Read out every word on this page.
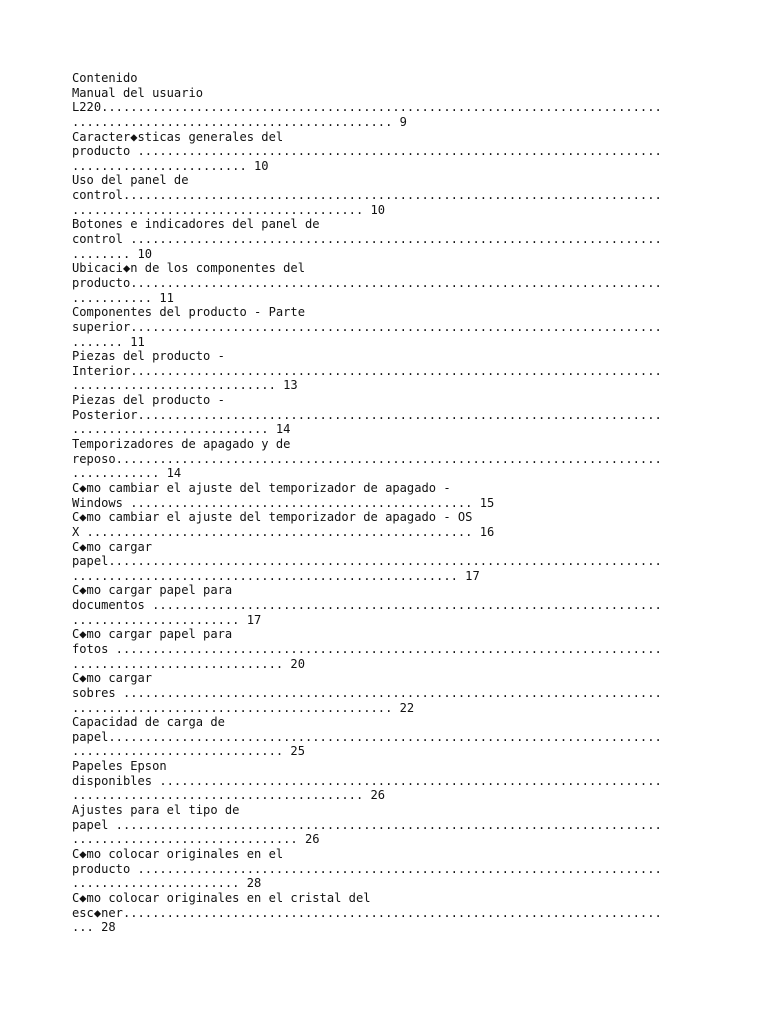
Contenido
Manual del usuario
L220.............................................................................
............................................ 9
Caracter◆sticas generales del
producto ........................................................................
........................ 10
Uso del panel de
control..........................................................................
........................................ 10
Botones e indicadores del panel de
control .........................................................................
........ 10
Ubicaci◆n de los componentes del
producto.........................................................................
........... 11
Componentes del producto - Parte
superior.........................................................................
....... 11
Piezas del producto -
Interior.........................................................................
............................ 13
Piezas del producto -
Posterior........................................................................
........................... 14
Temporizadores de apagado y de
reposo...........................................................................
............ 14
C◆mo cambiar el ajuste del temporizador de apagado -
Windows ............................................... 15
C◆mo cambiar el ajuste del temporizador de apagado - OS
X ..................................................... 16
C◆mo cargar
papel............................................................................
..................................................... 17
C◆mo cargar papel para
documentos ......................................................................
....................... 17
C◆mo cargar papel para
fotos ...........................................................................
............................. 20
C◆mo cargar
sobres ..........................................................................
............................................ 22
Capacidad de carga de
papel............................................................................
............................. 25
Papeles Epson
disponibles .....................................................................
........................................ 26
Ajustes para el tipo de
papel ...........................................................................
............................... 26
C◆mo colocar originales en el
producto ........................................................................
....................... 28
C◆mo colocar originales en el cristal del
esc◆ner..........................................................................
... 28
